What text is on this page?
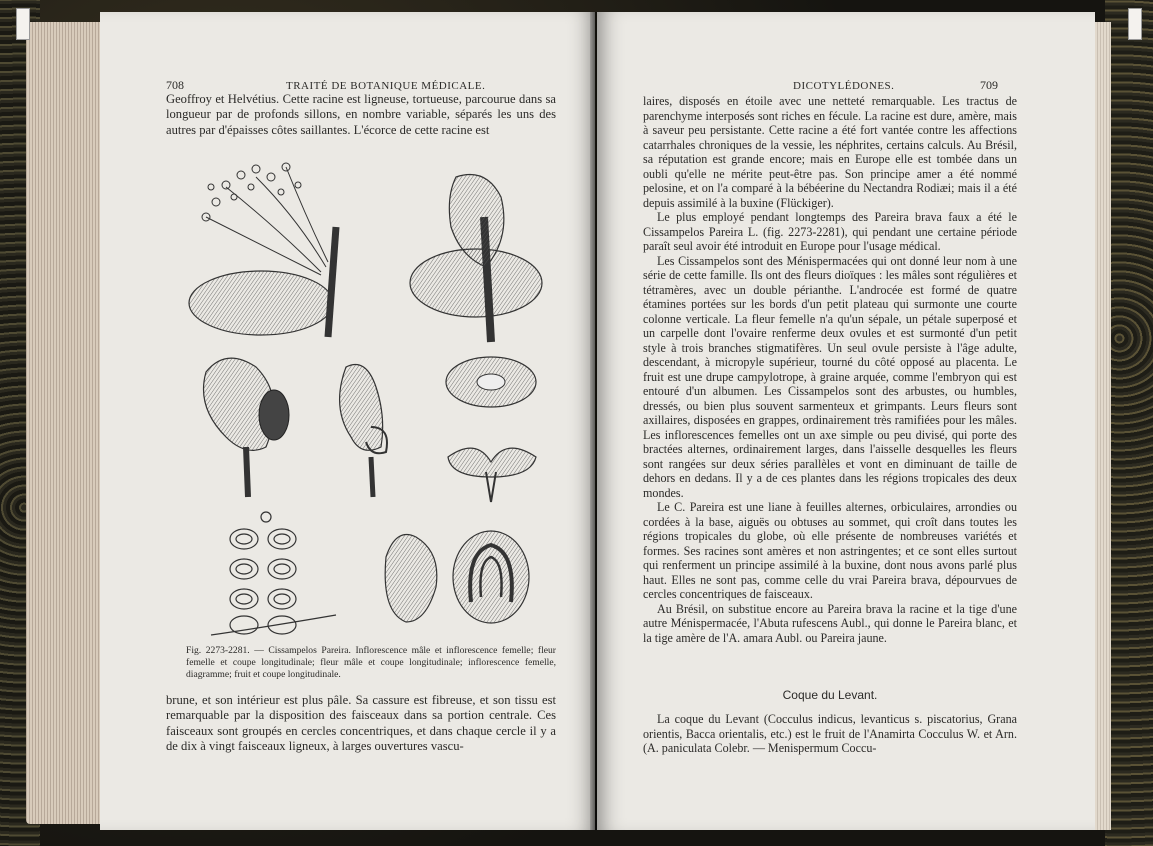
708	TRAITÉ DE BOTANIQUE MÉDICALE.

Geoffroy et Helvétius. Cette racine est ligneuse, tortueuse, parcourue dans sa longueur par de profonds sillons, en nombre variable, séparés les uns des autres par d'épaisses côtes saillantes. L'écorce de cette racine est

Fig. 2273-2281. — Cissampelos Pareira. Inflorescence mâle et inflorescence femelle; fleur femelle et coupe longitudinale; fleur mâle et coupe longitudinale; inflorescence femelle, diagramme; fruit et coupe longitudinale.

brune, et son intérieur est plus pâle. Sa cassure est fibreuse, et son tissu est remarquable par la disposition des faisceaux dans sa portion centrale. Ces faisceaux sont groupés en cercles concentriques, et dans chaque cercle il y a de dix à vingt faisceaux ligneux, à larges ouvertures vascu-

DICOTYLÉDONES.	709

laires, disposés en étoile avec une netteté remarquable. Les tractus de parenchyme interposés sont riches en fécule. La racine est dure, amère, mais à saveur peu persistante. Cette racine a été fort vantée contre les affections catarrhales chroniques de la vessie, les néphrites, certains calculs. Au Brésil, sa réputation est grande encore; mais en Europe elle est tombée dans un oubli qu'elle ne mérite peut-être pas. Son principe amer a été nommé pelosine, et on l'a comparé à la bébéerine du Nectandra Rodiæi; mais il a été depuis assimilé à la buxine (Flückiger).

Le plus employé pendant longtemps des Pareira brava faux a été le Cissampelos Pareira L. (fig. 2273-2281), qui pendant une certaine période paraît seul avoir été introduit en Europe pour l'usage médical.

Les Cissampelos sont des Ménispermacées qui ont donné leur nom à une série de cette famille. Ils ont des fleurs dioïques : les mâles sont régulières et tétramères, avec un double périanthe. L'androcée est formé de quatre étamines portées sur les bords d'un petit plateau qui surmonte une courte colonne verticale. La fleur femelle n'a qu'un sépale, un pétale superposé et un carpelle dont l'ovaire renferme deux ovules et est surmonté d'un petit style à trois branches stigmatifères. Un seul ovule persiste à l'âge adulte, descendant, à micropyle supérieur, tourné du côté opposé au placenta. Le fruit est une drupe campylotrope, à graine arquée, comme l'embryon qui est entouré d'un albumen. Les Cissampelos sont des arbustes, ou humbles, dressés, ou bien plus souvent sarmenteux et grimpants. Leurs fleurs sont axillaires, disposées en grappes, ordinairement très ramifiées pour les mâles. Les inflorescences femelles ont un axe simple ou peu divisé, qui porte des bractées alternes, ordinairement larges, dans l'aisselle desquelles les fleurs sont rangées sur deux séries parallèles et vont en diminuant de taille de dehors en dedans. Il y a de ces plantes dans les régions tropicales des deux mondes.

Le C. Pareira est une liane à feuilles alternes, orbiculaires, arrondies ou cordées à la base, aiguës ou obtuses au sommet, qui croît dans toutes les régions tropicales du globe, où elle présente de nombreuses variétés et formes. Ses racines sont amères et non astringentes; et ce sont elles surtout qui renferment un principe assimilé à la buxine, dont nous avons parlé plus haut. Elles ne sont pas, comme celle du vrai Pareira brava, dépourvues de cercles concentriques de faisceaux.

Au Brésil, on substitue encore au Pareira brava la racine et la tige d'une autre Ménispermacée, l'Abuta rufescens Aubl., qui donne le Pareira blanc, et la tige amère de l'A. amara Aubl. ou Pareira jaune.

Coque du Levant.

La coque du Levant (Cocculus indicus, levanticus s. piscatorius, Grana orientis, Bacca orientalis, etc.) est le fruit de l'Anamirta Cocculus W. et Arn. (A. paniculata Colebr. — Menispermum Coccu-
